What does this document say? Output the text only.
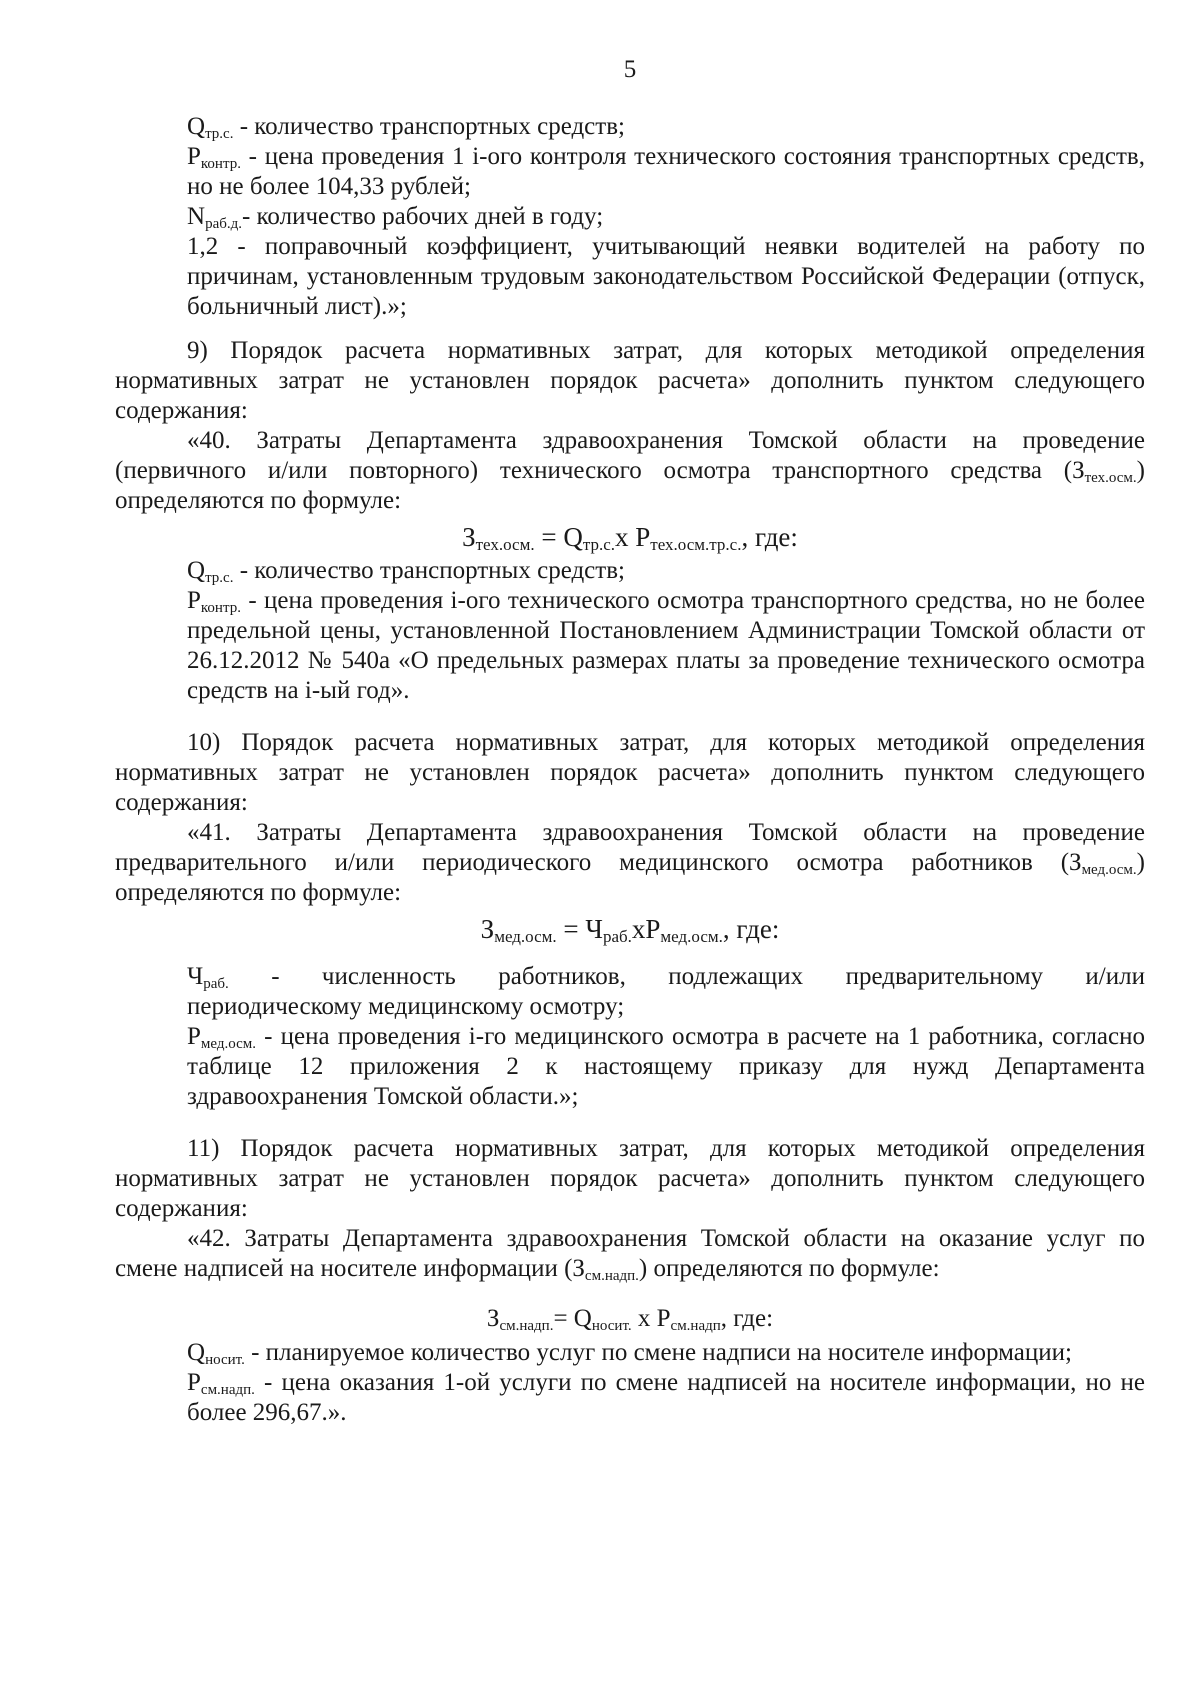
5

$Q_{тр.с.}$ - количество транспортных средств;

$P_{контр.}$ - цена проведения 1 i-ого контроля технического состояния транспортных средств, но не более 104,33 рублей;

$N_{раб.д.}-$ количество рабочих дней в году;

1,2 - поправочный коэффициент, учитывающий неявки водителей на работу по причинам, установленным трудовым законодательством Российской Федерации (отпуск, больничный лист).»;

9) Порядок расчета нормативных затрат, для которых методикой определения нормативных затрат не установлен порядок расчета» дополнить пунктом следующего содержания:

«40. Затраты Департамента здравоохранения Томской области на проведение (первичного и/или повторного) технического осмотра транспортного средства $(З_{тех.осм.})$ определяются по формуле:

$З_{тех.осм.} = Q_{тр.с.}x$ $P_{тех.осм.тр.с.}$, где:

$Q_{тр.с.}$ - количество транспортных средств;

$P_{контр.}$ - цена проведения i-ого технического осмотра транспортного средства, но не более предельной цены, установленной Постановлением Администрации Томской области от 26.12.2012 № 540а «О предельных размерах платы за проведение технического осмотра средств на i-ый год».

10) Порядок расчета нормативных затрат, для которых методикой определения нормативных затрат не установлен порядок расчета» дополнить пунктом следующего содержания:

«41. Затраты Департамента здравоохранения Томской области на проведение предварительного и/или периодического медицинского осмотра работников $(З_{мед.осм.})$ определяются по формуле:

$З_{мед.осм.} = Ч_{раб.}xP_{мед.осм.}$, где:

$Ч_{раб.}$ - численность работников, подлежащих предварительному и/или

периодическому медицинскому осмотру;

$P_{мед.осм.}$ - цена проведения i-го медицинского осмотра в расчете на 1 работника, согласно таблице 12 приложения 2 к настоящему приказу для нужд Департамента здравоохранения Томской области.»;

11) Порядок расчета нормативных затрат, для которых методикой определения нормативных затрат не установлен порядок расчета» дополнить пунктом следующего содержания:

«42. Затраты Департамента здравоохранения Томской области на оказание услуг по смене надписей на носителе информации $(З_{см.надп.})$ определяются по формуле:

$З_{см.надп.}= Q_{носит.}$ x $P_{см.надп}$, где:

$Q_{носит.}$ - планируемое количество услуг по смене надписи на носителе информации;

$P_{см.надп.}$ - цена оказания 1-ой услуги по смене надписей на носителе информации, но не более 296,67.».
